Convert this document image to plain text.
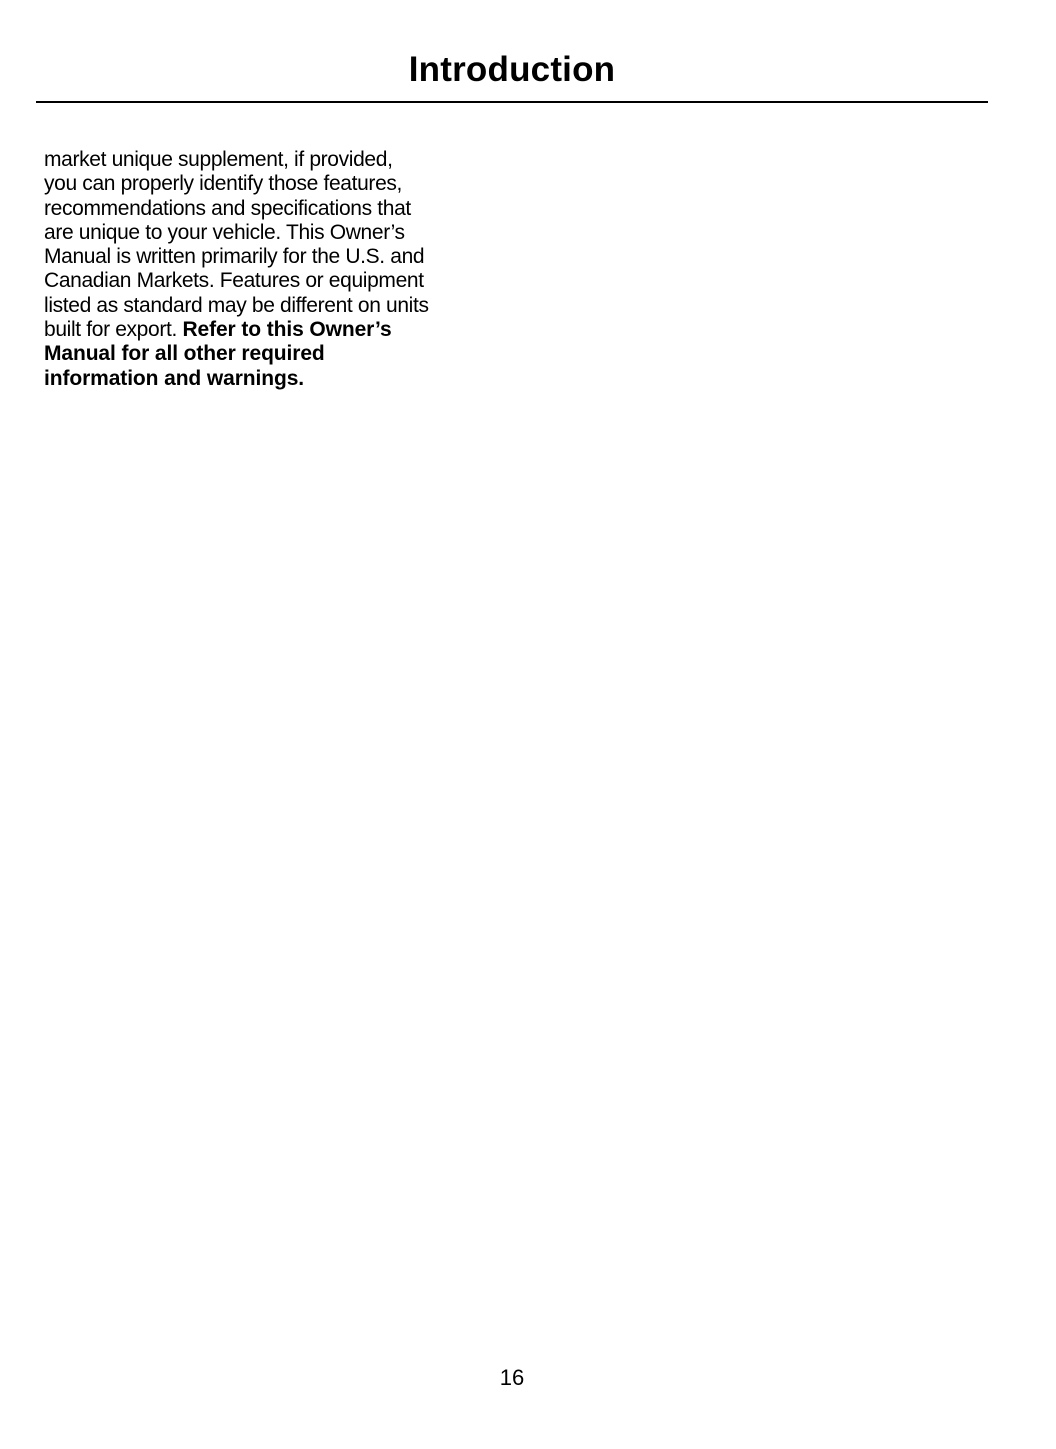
Introduction

market unique supplement, if provided,
you can properly identify those features,
recommendations and specifications that
are unique to your vehicle. This Owner’s
Manual is written primarily for the U.S. and
Canadian Markets. Features or equipment
listed as standard may be different on units
built for export. Refer to this Owner’s
Manual for all other required
information and warnings.

16
